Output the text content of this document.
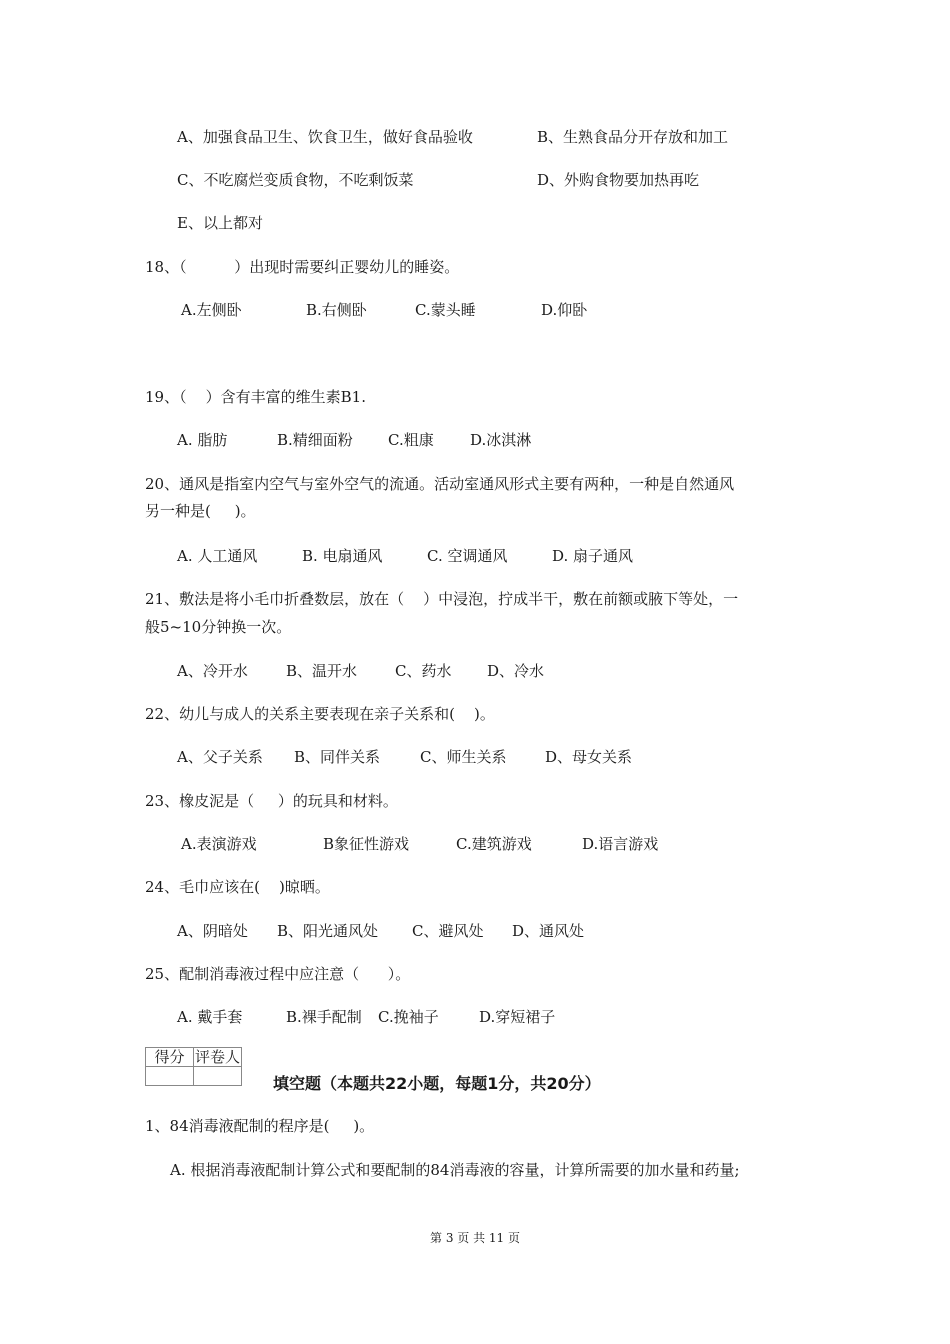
A、加强食品卫生、饮食卫生，做好食品验收	B、生熟食品分开存放和加工
C、不吃腐烂变质食物，不吃剩饭菜	D、外购食物要加热再吃
E、以上都对
18、（          ）出现时需要纠正婴幼儿的睡姿。
A.左侧卧	B.右侧卧	C.蒙头睡	D.仰卧
19、（    ）含有丰富的维生素B1.
A. 脂肪	B.精细面粉 C.粗康 D.冰淇淋
20、通风是指室内空气与室外空气的流通。活动室通风形式主要有两种，一种是自然通风
另一种是(     )。
A. 人工通风	B. 电扇通风	C. 空调通风	D. 扇子通风
21、敷法是将小毛巾折叠数层，放在（    ）中浸泡，拧成半干，敷在前额或腋下等处，一
般5~10分钟换一次。
A、冷开水	B、温开水	C、药水 D、冷水
22、幼儿与成人的关系主要表现在亲子关系和(    )。
A、父子关系 B、同伴关系	C、师生关系	D、母女关系
23、橡皮泥是（     ）的玩具和材料。
A.表演游戏	B象征性游戏	C.建筑游戏	D.语言游戏
24、毛巾应该在(    )晾晒。
A、阴暗处 B、阳光通风处 C、避风处 D、通风处
25、配制消毒液过程中应注意（      ）。
A. 戴手套	B.裸手配制 C.挽袖子	D.穿短裙子
得分	评卷人

填空题（本题共22小题，每题1分，共20分）
1、84消毒液配制的程序是(     )。
A. 根据消毒液配制计算公式和要配制的84消毒液的容量，计算所需要的加水量和药量;
第 3 页 共 11 页
